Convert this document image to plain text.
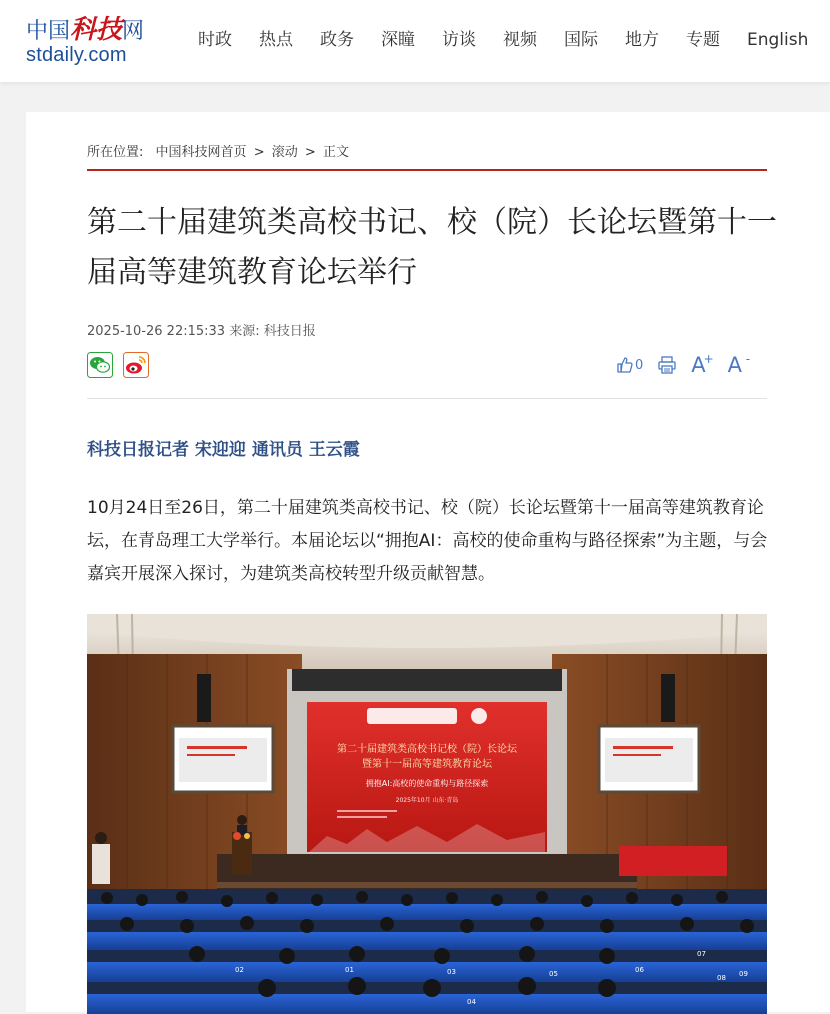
中国科技网
stdaily.com
时政 热点 政务 深瞳 访谈 视频 国际 地方 专题 English
所在位置: 中国科技网首页 > 滚动 > 正文
第二十届建筑类高校书记、校（院）长论坛暨第十一届高等建筑教育论坛举行
2025-10-26 22:15:33 来源: 科技日报
0 A
+ A -
科技日报记者 宋迎迎 通讯员 王云霞

10月24日至26日，第二十届建筑类高校书记、校（院）长论坛暨第十一届高等建筑教育论坛，在青岛理工大学举行。本届论坛以“拥抱AI：高校的使命重构与路径探索”为主题，与会嘉宾开展深入探讨，为建筑类高校转型升级贡献智慧。

第二十届建筑类高校书记校（院）长论坛
暨第十一届高等建筑教育论坛
拥抱AI:高校的使命重构与路径探索
2025年10月 山东·青岛
02	01	03
04
05	06
07
08 09
